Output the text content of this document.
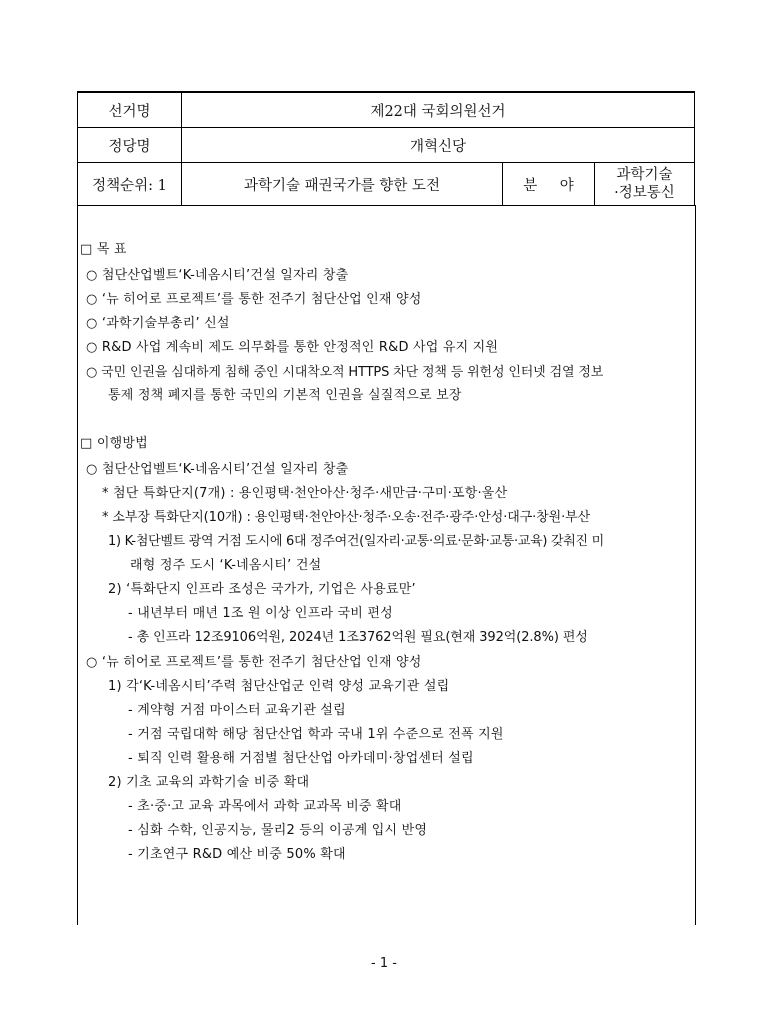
선거명	제22대 국회의원선거		
정당명	개혁신당		
정책순위: 1	과학기술 패권국가를 향한 도전	분 야	과학기술
·정보통신
□ 목 표
○ 첨단산업벨트‘K-네옴시티’건설 일자리 창출
○ ‘뉴 히어로 프로젝트’를 통한 전주기 첨단산업 인재 양성
○ ‘과학기술부총리’ 신설
○ R&D 사업 계속비 제도 의무화를 통한 안정적인 R&D 사업 유지 지원
○ 국민 인권을 심대하게 침해 중인 시대착오적 HTTPS 차단 정책 등 위헌성 인터넷 검열 정보
통제 정책 폐지를 통한 국민의 기본적 인권을 실질적으로 보장
□ 이행방법
○ 첨단산업벨트‘K-네옴시티’건설 일자리 창출
* 첨단 특화단지(7개) : 용인평택·천안아산·청주·새만금·구미·포항·울산
* 소부장 특화단지(10개) : 용인평택·천안아산·청주·오송·전주·광주·안성·대구·창원·부산
1) K-첨단벨트 광역 거점 도시에 6대 정주여건(일자리·교통·의료·문화·교통·교육) 갖춰진 미
래형 정주 도시 ‘K-네옴시티’ 건설
2) ‘특화단지 인프라 조성은 국가가, 기업은 사용료만’
- 내년부터 매년 1조 원 이상 인프라 국비 편성
- 총 인프라 12조9106억원, 2024년 1조3762억원 필요(현재 392억(2.8%) 편성
○ ‘뉴 히어로 프로젝트’를 통한 전주기 첨단산업 인재 양성
1) 각‘K-네옴시티’주력 첨단산업군 인력 양성 교육기관 설립
- 계약형 거점 마이스터 교육기관 설립
- 거점 국립대학 해당 첨단산업 학과 국내 1위 수준으로 전폭 지원
- 퇴직 인력 활용해 거점별 첨단산업 아카데미·창업센터 설립
2) 기초 교육의 과학기술 비중 확대
- 초·중·고 교육 과목에서 과학 교과목 비중 확대
- 심화 수학, 인공지능, 물리2 등의 이공계 입시 반영
- 기초연구 R&D 예산 비중 50% 확대
- 1 -
